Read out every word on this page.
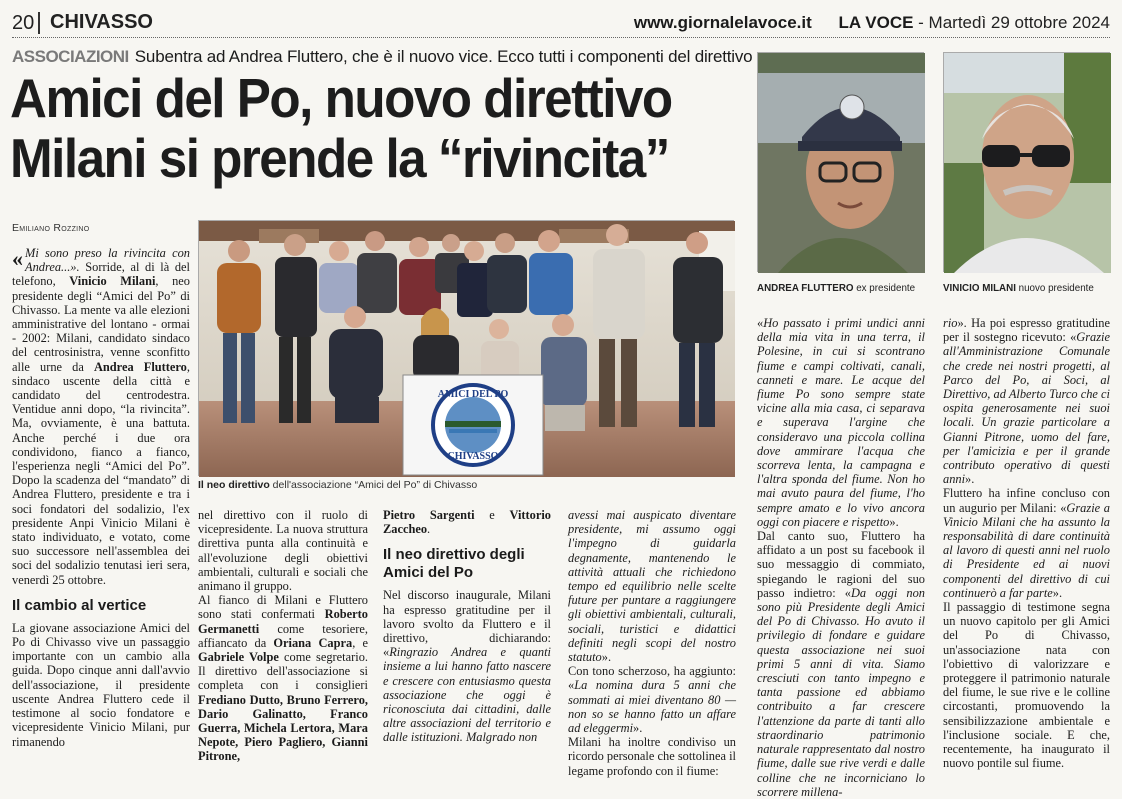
20 CHIVASSO	www.giornalelavoce.it LA VOCE - Martedì 29 ottobre 2024
ASSOCIAZIONI Subentra ad Andrea Fluttero, che è il nuovo vice. Ecco tutti i componenti del direttivo
Amici del Po, nuovo direttivo
Milani si prende la “rivincita”
Emiliano Rozzino
AMICI DEL PO
CHIVASSO
Il neo direttivo dell'associazione “Amici del Po” di Chivasso
ANDREA FLUTTERO ex presidente	VINICIO MILANI nuovo presidente

« Mi sono preso la rivincita con Andrea...». Sorride, al di là del telefono, Vinicio Milani, neo presidente degli “Amici del Po” di Chivasso. La mente va alle elezioni amministrative del lontano - ormai - 2002: Milani, candidato sindaco del centrosinistra, venne sconfitto alle urne da Andrea Fluttero, sindaco uscente della città e candidato del centrodestra. Ventidue anni dopo, “la rivincita”. Ma, ovviamente, è una battuta. Anche perché i due ora condividono, fianco a fianco, l'esperienza negli “Amici del Po”. Dopo la scadenza del “mandato” di Andrea Fluttero, presidente e tra i soci fondatori del sodalizio, l'ex presidente Anpi Vinicio Milani è stato individuato, e votato, come suo successore nell'assemblea dei soci del sodalizio tenutasi ieri sera, venerdì 25 ottobre.

Il cambio al vertice

La giovane associazione Amici del Po di Chivasso vive un passaggio importante con un cambio alla guida. Dopo cinque anni dall'avvio dell'associazione, il presidente uscente Andrea Fluttero cede il testimone al socio fondatore e vicepresidente Vinicio Milani, pur rimanendo

nel direttivo con il ruolo di vicepresidente. La nuova struttura direttiva punta alla continuità e all'evoluzione degli obiettivi ambientali, culturali e sociali che animano il gruppo.

Al fianco di Milani e Fluttero sono stati confermati Roberto Germanetti come tesoriere, affiancato da Oriana Capra, e Gabriele Volpe come segretario. Il direttivo dell'associazione si completa con i consiglieri Frediano Dutto, Bruno Ferrero, Dario Galinatto, Franco Guerra, Michela Lertora, Mara Nepote, Piero Pagliero, Gianni Pitrone,

Pietro Sargenti e Vittorio Zaccheo.

Il neo direttivo degli Amici del Po

Nel discorso inaugurale, Milani ha espresso gratitudine per il lavoro svolto da Fluttero e il direttivo, dichiarando: «Ringrazio Andrea e quanti insieme a lui hanno fatto nascere e crescere con entusiasmo questa associazione che oggi è riconosciuta dai cittadini, dalle altre associazioni del territorio e dalle istituzioni. Malgrado non

avessi mai auspicato diventare presidente, mi assumo oggi l'impegno di guidarla degnamente, mantenendo le attività attuali che richiedono tempo ed equilibrio nelle scelte future per puntare a raggiungere gli obiettivi ambientali, culturali, sociali, turistici e didattici definiti negli scopi del nostro statuto».

Con tono scherzoso, ha aggiunto: «La nomina dura 5 anni che sommati ai miei diventano 80 — non so se hanno fatto un affare ad eleggermi».

Milani ha inoltre condiviso un ricordo personale che sottolinea il legame profondo con il fiume:

«Ho passato i primi undici anni della mia vita in una terra, il Polesine, in cui si scontrano fiume e campi coltivati, canali, canneti e mare. Le acque del fiume Po sono sempre state vicine alla mia casa, ci separava e superava l'argine che consideravo una piccola collina dove ammirare l'acqua che scorreva lenta, la campagna e l'altra sponda del fiume. Non ho mai avuto paura del fiume, l'ho sempre amato e lo vivo ancora oggi con piacere e rispetto».

Dal canto suo, Fluttero ha affidato a un post su facebook il suo messaggio di commiato, spiegando le ragioni del suo passo indietro: «Da oggi non sono più Presidente degli Amici del Po di Chivasso. Ho avuto il privilegio di fondare e guidare questa associazione nei suoi primi 5 anni di vita. Siamo cresciuti con tanto impegno e tanta passione ed abbiamo contribuito a far crescere l'attenzione da parte di tanti allo straordinario patrimonio naturale rappresentato dal nostro fiume, dalle sue rive verdi e dalle colline che ne incorniciano lo scorrere millena-

rio». Ha poi espresso gratitudine per il sostegno ricevuto: «Grazie all'Amministrazione Comunale che crede nei nostri progetti, al Parco del Po, ai Soci, al Direttivo, ad Alberto Turco che ci ospita generosamente nei suoi locali. Un grazie particolare a Gianni Pitrone, uomo del fare, per l'amicizia e per il grande contributo operativo di questi anni».

Fluttero ha infine concluso con un augurio per Milani: «Grazie a Vinicio Milani che ha assunto la responsabilità di dare continuità al lavoro di questi anni nel ruolo di Presidente ed ai nuovi componenti del direttivo di cui continuerò a far parte».

Il passaggio di testimone segna un nuovo capitolo per gli Amici del Po di Chivasso, un'associazione nata con l'obiettivo di valorizzare e proteggere il patrimonio naturale del fiume, le sue rive e le colline circostanti, promuovendo la sensibilizzazione ambientale e l'inclusione sociale. E che, recentemente, ha inaugurato il nuovo pontile sul fiume.
